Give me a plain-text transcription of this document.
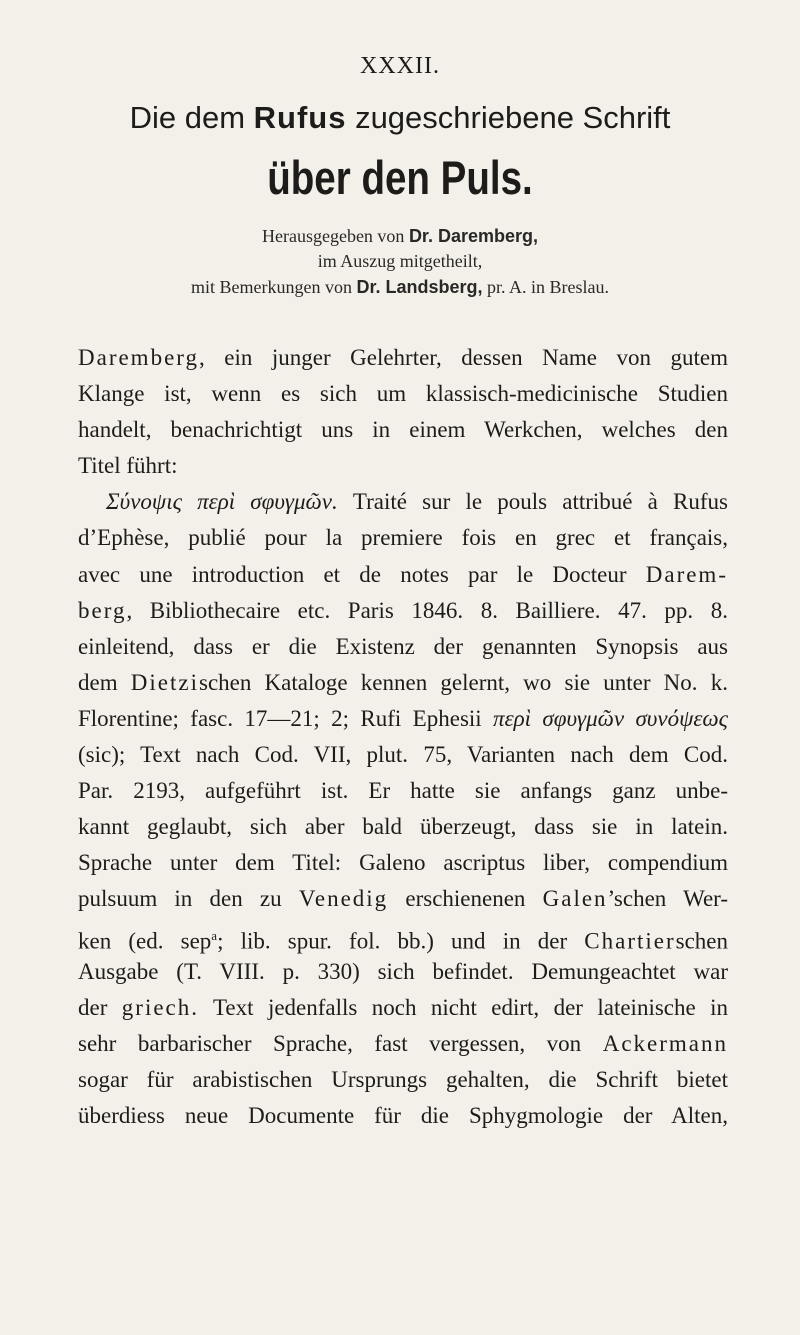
XXXII.
Die dem Rufus zugeschriebene Schrift
über den Puls.
Herausgegeben von Dr. Daremberg,
im Auszug mitgetheilt,
mit Bemerkungen von Dr. Landsberg, pr. A. in Breslau.
Daremberg, ein junger Gelehrter, dessen Name von gutem
Klange ist, wenn es sich um klassisch-medicinische Studien
handelt, benachrichtigt uns in einem Werkchen, welches den
Titel führt:
Σύνοψις περὶ σφυγμῶν. Traité sur le pouls attribué à Rufus
d’Ephèse, publié pour la premiere fois en grec et français,
avec une introduction et de notes par le Docteur Darem-
berg, Bibliothecaire etc. Paris 1846. 8. Bailliere. 47. pp. 8.
einleitend, dass er die Existenz der genannten Synopsis aus
dem Dietzischen Kataloge kennen gelernt, wo sie unter No. k.
Florentine; fasc. 17—21; 2; Rufi Ephesii περὶ σφυγμῶν συνόψεως
(sic); Text nach Cod. VII, plut. 75, Varianten nach dem Cod.
Par. 2193, aufgeführt ist. Er hatte sie anfangs ganz unbe-
kannt geglaubt, sich aber bald überzeugt, dass sie in latein.
Sprache unter dem Titel: Galeno ascriptus liber, compendium
pulsuum in den zu Venedig erschienenen Galen’schen Wer-
ken (ed. sep$^a$; lib. spur. fol. bb.) und in der Chartierschen
Ausgabe (T. VIII. p. 330) sich befindet. Demungeachtet war
der griech. Text jedenfalls noch nicht edirt, der lateinische in
sehr barbarischer Sprache, fast vergessen, von Ackermann
sogar für arabistischen Ursprungs gehalten, die Schrift bietet
überdiess neue Documente für die Sphygmologie der Alten,
